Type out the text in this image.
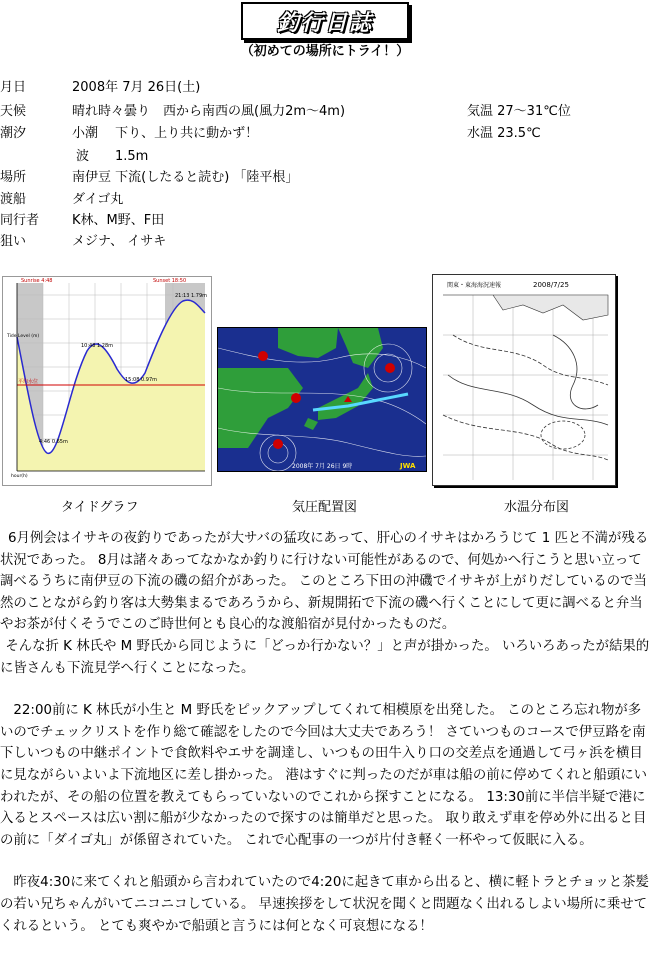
釣行日誌
（初めての場所にトライ！）
月日	2008年 7月 26日(土)
天候	晴れ時々曇り　西から南西の風(風力2m～4m)	気温 27～31℃位
潮汐	小潮　 下り、上り共に動かず！	水温 23.5℃
波　　1.5m
場所	南伊豆 下流(したると読む) 「陸平根」
渡船	ダイゴ丸
同行者	K林、M野、F田
狙い	メジナ、 イサキ
Sunrise 4:48	Sunset 18:50
平均水位
4:46 0.65m
10:48 1.28m
15:08 0.97m
21:13 1.79m
hour(h)
Tide Level (m)
タイドグラフ
2008年 7月 26日 9時	JWA
気圧配置図
関東・東海海況速報	2008/7/25
水温分布図

6月例会はイサキの夜釣りであったが大サバの猛攻にあって、肝心のイサキはかろうじて 1 匹と不満が残る状況であった。 8月は諸々あってなかなか釣りに行けない可能性があるので、何処かへ行こうと思い立って調べるうちに南伊豆の下流の磯の紹介があった。 このところ下田の沖磯でイサキが上がりだしているので当然のことながら釣り客は大勢集まるであろうから、新規開拓で下流の磯へ行くことにして更に調べると弁当やお茶が付くそうでこのご時世何とも良心的な渡船宿が見付かったものだ。

そんな折 K 林氏や M 野氏から同じように「どっか行かない？」と声が掛かった。 いろいろあったが結果的に皆さんも下流見学へ行くことになった。

22:00前に K 林氏が小生と M 野氏をピックアップしてくれて相模原を出発した。 このところ忘れ物が多いのでチェックリストを作り総て確認をしたので今回は大丈夫であろう！ さていつものコースで伊豆路を南下しいつもの中継ポイントで食飲料やエサを調達し、いつもの田牛入り口の交差点を通過して弓ヶ浜を横目に見ながらいよいよ下流地区に差し掛かった。 港はすぐに判ったのだが車は船の前に停めてくれと船頭にいわれたが、その船の位置を教えてもらっていないのでこれから探すことになる。 13:30前に半信半疑で港に入るとスペースは広い割に船が少なかったので探すのは簡単だと思った。 取り敢えず車を停め外に出ると目の前に「ダイゴ丸」が係留されていた。 これで心配事の一つが片付き軽く一杯やって仮眠に入る。

昨夜4:30に来てくれと船頭から言われていたので4:20に起きて車から出ると、横に軽トラとチョッと茶髪の若い兄ちゃんがいてニコニコしている。 早速挨拶をして状況を聞くと問題なく出れるしよい場所に乗せてくれるという。 とても爽やかで船頭と言うには何となく可哀想になる！
